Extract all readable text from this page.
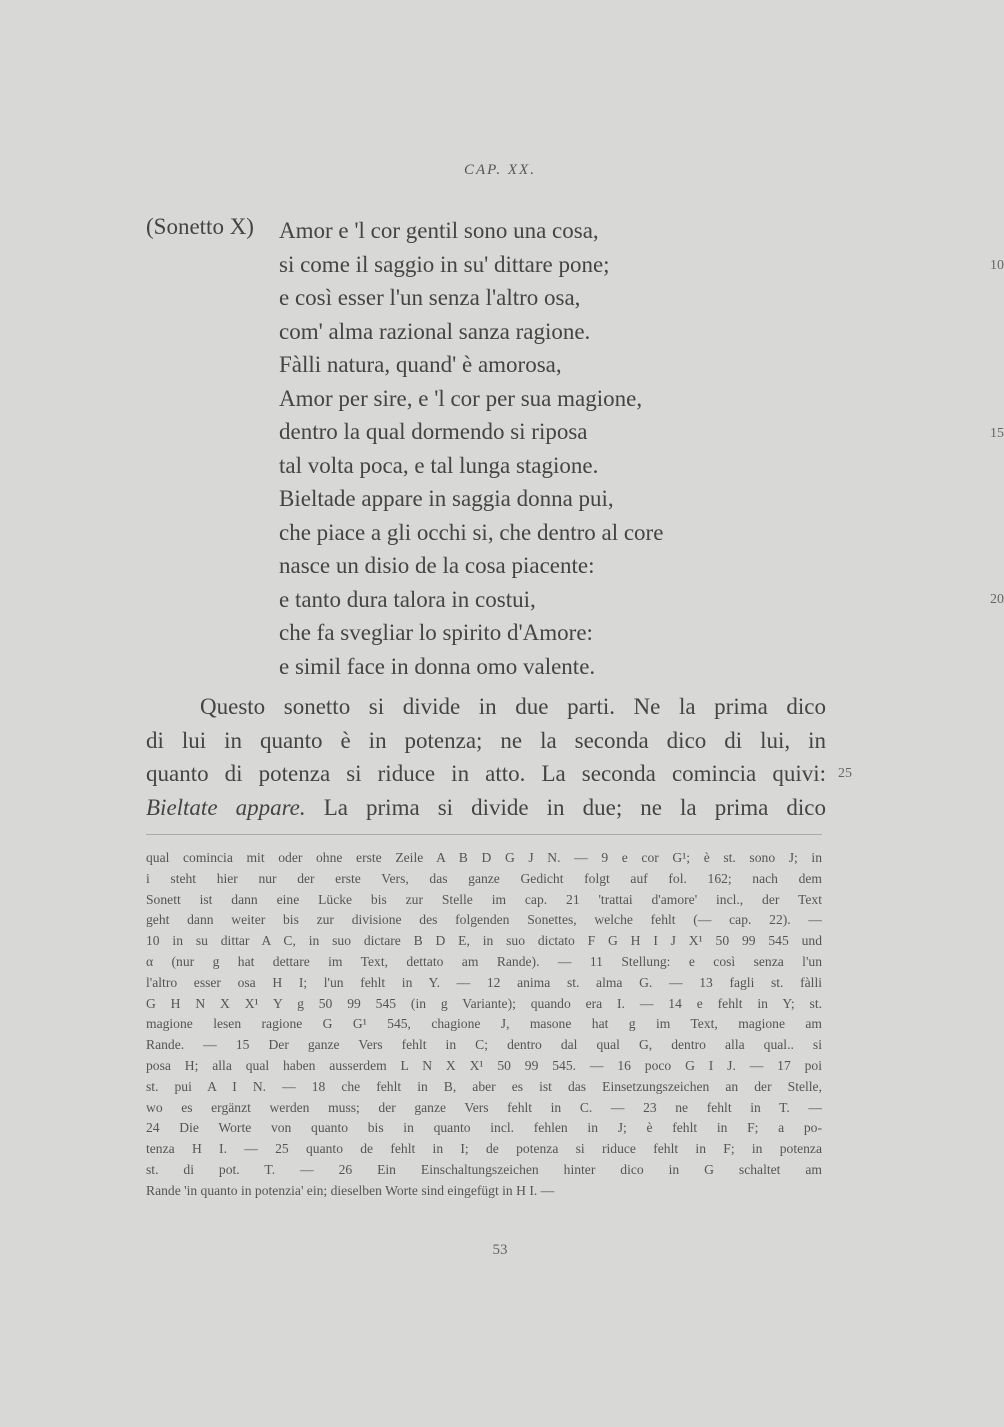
CAP. XX.
(Sonetto X) Amor e 'l cor gentil sono una cosa,
si come il saggio in su' dittare pone;
e così esser l'un senza l'altro osa,
com' alma razional sanza ragione.
Fàlli natura, quand' è amorosa,
Amor per sire, e 'l cor per sua magione,
dentro la qual dormendo si riposa
tal volta poca, e tal lunga stagione.
Bieltade appare in saggia donna pui,
che piace a gli occhi si, che dentro al core
nasce un disio de la cosa piacente:
e tanto dura talora in costui,
che fa svegliar lo spirito d'Amore:
e simil face in donna omo valente.
10
15
20
Questo sonetto si divide in due parti. Ne la prima dico
di lui in quanto è in potenza; ne la seconda dico di lui, in
quanto di potenza si riduce in atto. La seconda comincia quivi:
Bieltate appare. La prima si divide in due; ne la prima dico
25
qual comincia mit oder ohne erste Zeile A B D G J N. — 9 e cor G¹; è st. sono J; in
i steht hier nur der erste Vers, das ganze Gedicht folgt auf fol. 162; nach dem
Sonett ist dann eine Lücke bis zur Stelle im cap. 21 'trattai d'amore' incl., der Text
geht dann weiter bis zur divisione des folgenden Sonettes, welche fehlt (— cap. 22). —
10 in su dittar A C, in suo dictare B D E, in suo dictato F G H I J X¹ 50 99 545 und
α (nur g hat dettare im Text, dettato am Rande). — 11 Stellung: e così senza l'un
l'altro esser osa H I; l'un fehlt in Y. — 12 anima st. alma G. — 13 fagli st. fàlli
G H N X X¹ Y g 50 99 545 (in g Variante); quando era I. — 14 e fehlt in Y; st.
magione lesen ragione G G¹ 545, chagione J, masone hat g im Text, magione am
Rande. — 15 Der ganze Vers fehlt in C; dentro dal qual G, dentro alla qual.. si
posa H; alla qual haben ausserdem L N X X¹ 50 99 545. — 16 poco G I J. — 17 poi
st. pui A I N. — 18 che fehlt in B, aber es ist das Einsetzungszeichen an der Stelle,
wo es ergänzt werden muss; der ganze Vers fehlt in C. — 23 ne fehlt in T. —
24 Die Worte von quanto bis in quanto incl. fehlen in J; è fehlt in F; a po-
tenza H I. — 25 quanto de fehlt in I; de potenza si riduce fehlt in F; in potenza
st. di pot. T. — 26 Ein Einschaltungszeichen hinter dico in G schaltet am
Rande 'in quanto in potenzia' ein; dieselben Worte sind eingefügt in H I. —
53
